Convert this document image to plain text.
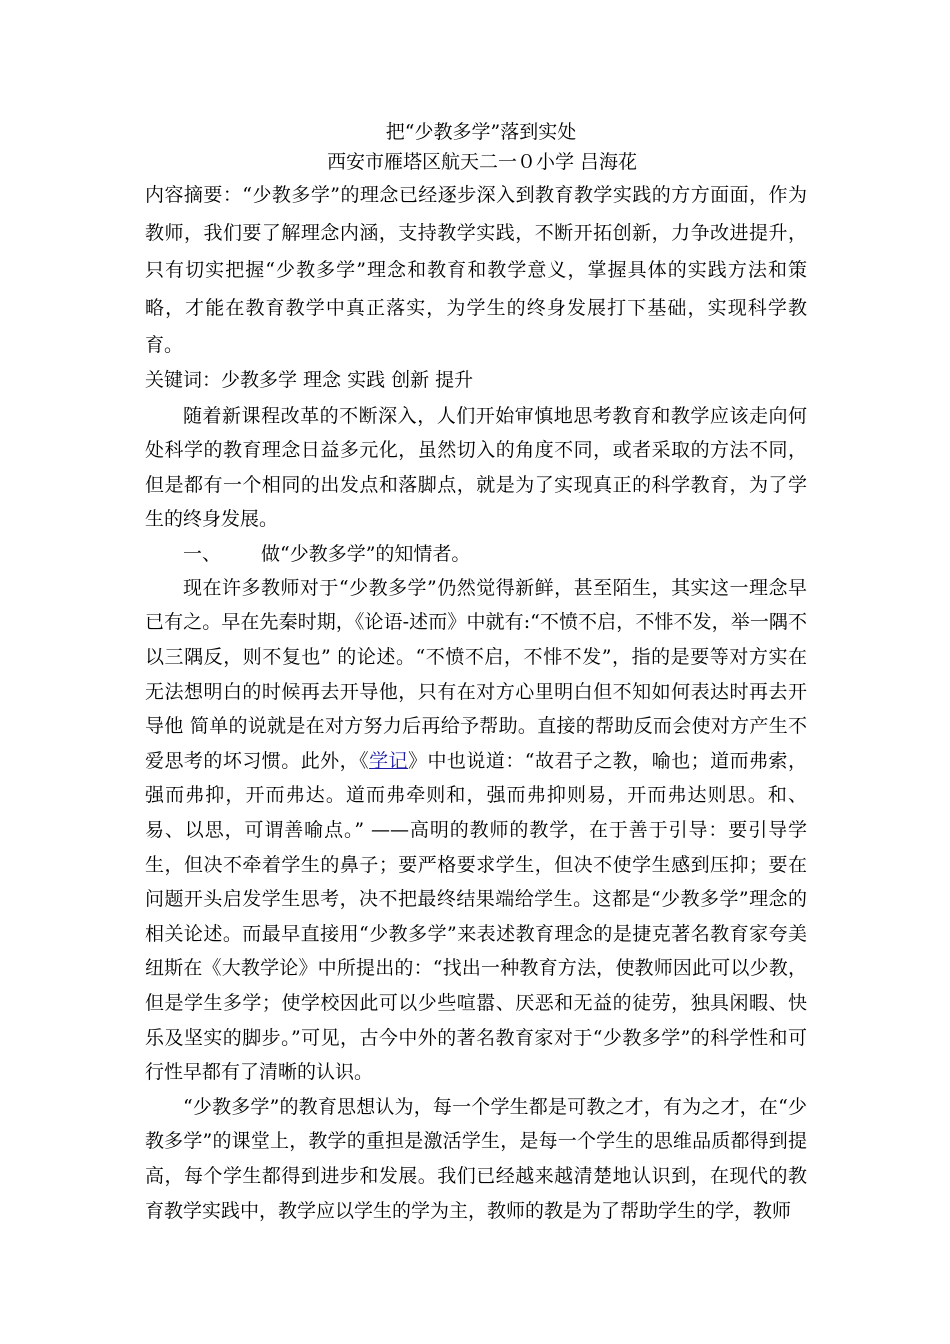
把“少教多学”落到实处

西安市雁塔区航天二一０小学 吕海花

内容摘要：“少教多学”的理念已经逐步深入到教育教学实践的方方面面，作为教师，我们要了解理念内涵，支持教学实践，不断开拓创新，力争改进提升，只有切实把握“少教多学”理念和教育和教学意义，掌握具体的实践方法和策略，才能在教育教学中真正落实，为学生的终身发展打下基础，实现科学教育。

关键词：少教多学 理念 实践 创新 提升

随着新课程改革的不断深入，人们开始审慎地思考教育和教学应该走向何处科学的教育理念日益多元化，虽然切入的角度不同，或者采取的方法不同，但是都有一个相同的出发点和落脚点，就是为了实现真正的科学教育，为了学生的终身发展。

一、 做“少教多学”的知情者。

现在许多教师对于“少教多学”仍然觉得新鲜，甚至陌生，其实这一理念早已有之。早在先秦时期，《论语-述而》中就有:“不愤不启，不悱不发，举一隅不以三隅反，则不复也” 的论述。“不愤不启，不悱不发”，指的是要等对方实在无法想明白的时候再去开导他，只有在对方心里明白但不知如何表达时再去开导他 简单的说就是在对方努力后再给予帮助。直接的帮助反而会使对方产生不爱思考的坏习惯。此外，《学记》中也说道：“故君子之教，喻也；道而弗索，强而弗抑，开而弗达。道而弗牵则和，强而弗抑则易，开而弗达则思。和、易、以思，可谓善喻点。” ——高明的教师的教学，在于善于引导：要引导学生，但决不牵着学生的鼻子；要严格要求学生，但决不使学生感到压抑；要在问题开头启发学生思考，决不把最终结果端给学生。这都是“少教多学”理念的相关论述。而最早直接用“少教多学”来表述教育理念的是捷克著名教育家夸美纽斯在《大教学论》中所提出的：“找出一种教育方法，使教师因此可以少教，但是学生多学；使学校因此可以少些喧嚣、厌恶和无益的徒劳，独具闲暇、快乐及坚实的脚步。”可见，古今中外的著名教育家对于“少教多学”的科学性和可行性早都有了清晰的认识。

“少教多学”的教育思想认为，每一个学生都是可教之才，有为之才，在“少教多学”的课堂上，教学的重担是激活学生，是每一个学生的思维品质都得到提高，每个学生都得到进步和发展。我们已经越来越清楚地认识到，在现代的教育教学实践中，教学应以学生的学为主，教师的教是为了帮助学生的学，教师
